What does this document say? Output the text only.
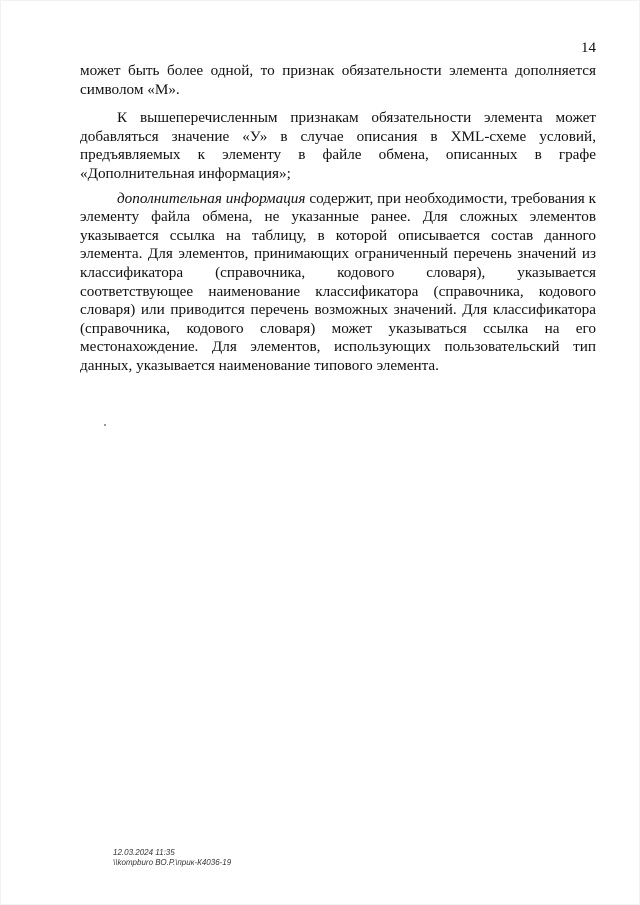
14

может быть более одной, то признак обязательности элемента дополняется символом «М».

К вышеперечисленным признакам обязательности элемента может добавляться значение «У» в случае описания в XML-схеме условий, предъявляемых к элементу в файле обмена, описанных в графе «Дополнительная информация»;

дополнительная информация содержит, при необходимости, требования к элементу файла обмена, не указанные ранее. Для сложных элементов указывается ссылка на таблицу, в которой описывается состав данного элемента. Для элементов, принимающих ограниченный перечень значений из классификатора (справочника, кодового словаря), указывается соответствующее наименование классификатора (справочника, кодового словаря) или приводится перечень возможных значений. Для классификатора (справочника, кодового словаря) может указываться ссылка на его местонахождение. Для элементов, использующих пользовательский тип данных, указывается наименование типового элемента.

12.03.2024 11:35
\\kompburo ВО.Р.\прик-К4036-19
